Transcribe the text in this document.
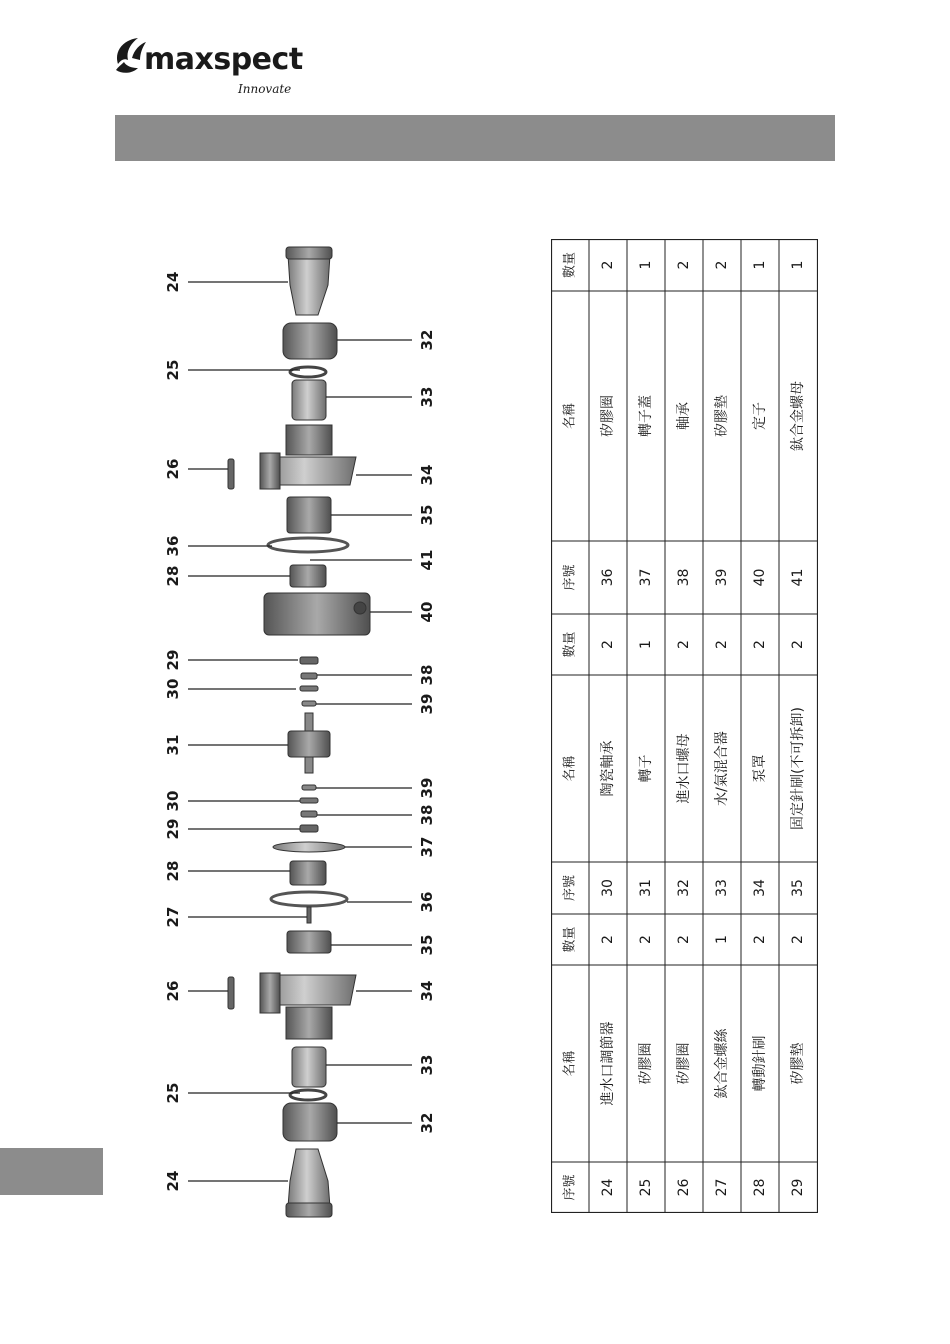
maxspect
Innovate
24
25
26
36
28
29
30
31
30
29
28
27
26
25
24
32
33
34
35
41
40
38
39
39
38
37
36
35
34
33
32
序號
名稱
數量
24
進水口調節器
2
25
矽膠圈
2
26
矽膠圈
2
27
鈦合金螺絲
1
28
轉動針刷
2
29
矽膠墊
2
序號
名稱
數量
30
陶瓷軸承
2
31
轉子
1
32
進水口螺母
2
33
水/氣混合器
2
34
泵罩
2
35
固定針刷(不可拆卸)
2
序號
名稱
數量
36
矽膠圈
2
37
轉子蓋
1
38
軸承
2
39
矽膠墊
2
40
定子
1
41
鈦合金螺母
1
